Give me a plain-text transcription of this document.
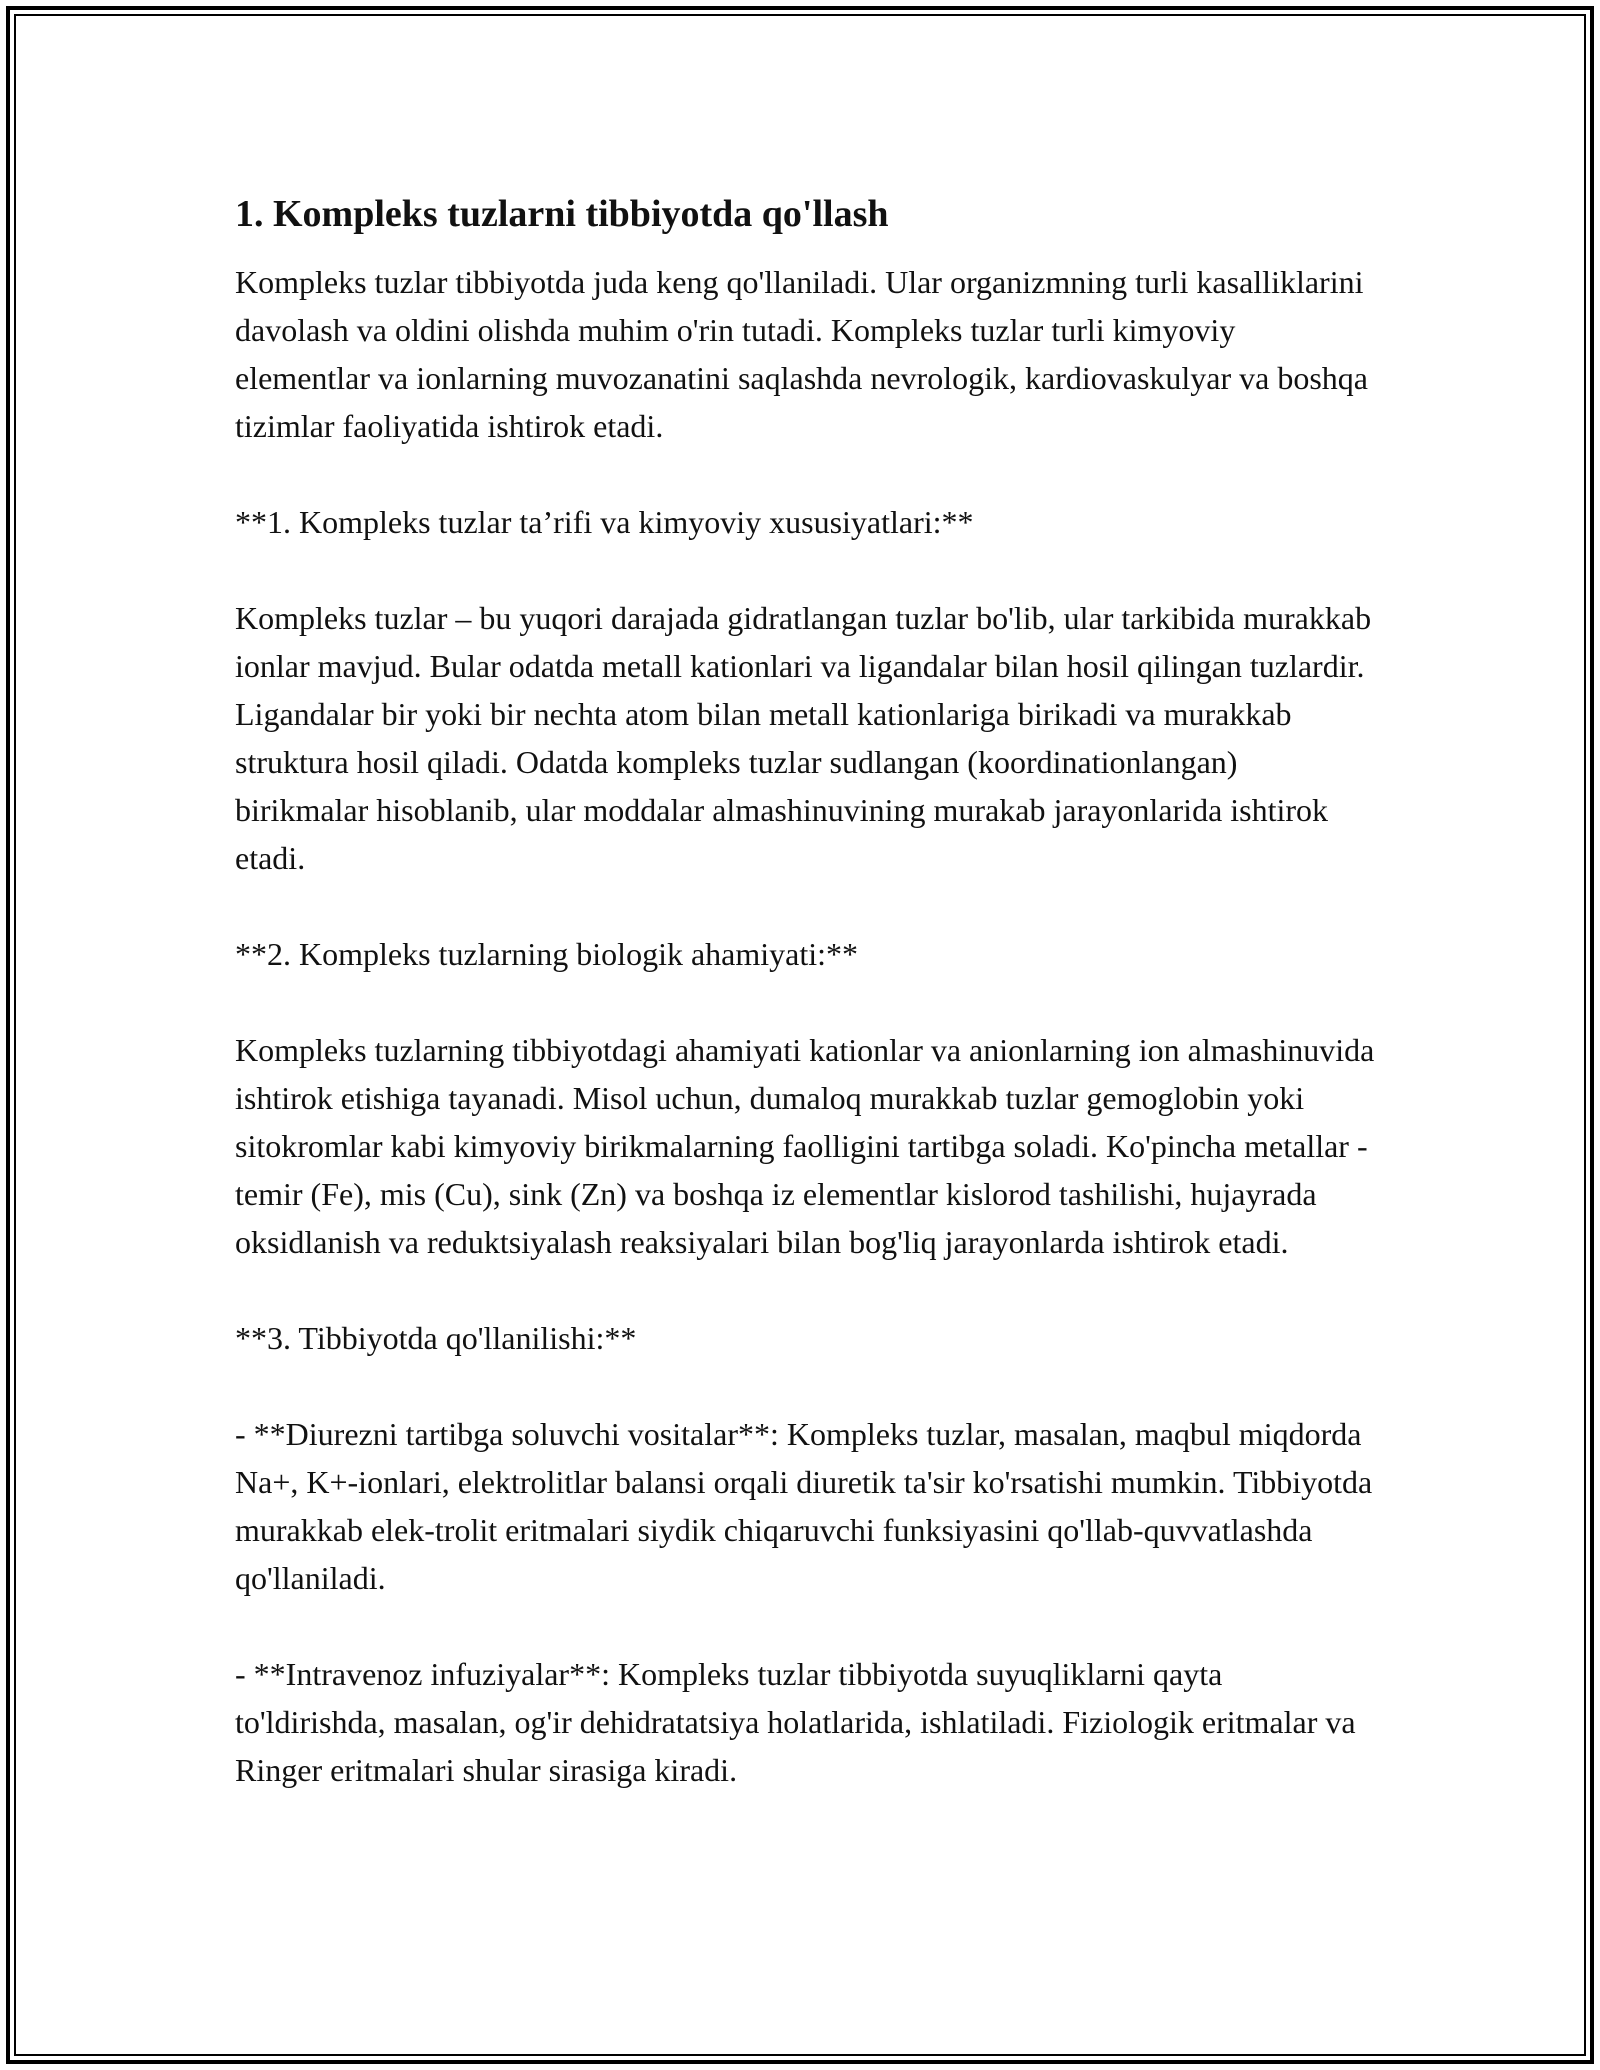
1. Kompleks tuzlarni tibbiyotda qo'llash

Kompleks tuzlar tibbiyotda juda keng qo'llaniladi. Ular organizmning turli kasalliklarini davolash va oldini olishda muhim o'rin tutadi. Kompleks tuzlar turli kimyoviy elementlar va ionlarning muvozanatini saqlashda nevrologik, kardiovaskulyar va boshqa tizimlar faoliyatida ishtirok etadi.

**1. Kompleks tuzlar ta’rifi va kimyoviy xususiyatlari:**

Kompleks tuzlar – bu yuqori darajada gidratlangan tuzlar bo'lib, ular tarkibida murakkab ionlar mavjud. Bular odatda metall kationlari va ligandalar bilan hosil qilingan tuzlardir. Ligandalar bir yoki bir nechta atom bilan metall kationlariga birikadi va murakkab struktura hosil qiladi. Odatda kompleks tuzlar sudlangan (koordinationlangan) birikmalar hisoblanib, ular moddalar almashinuvining murakab jarayonlarida ishtirok etadi.

**2. Kompleks tuzlarning biologik ahamiyati:**

Kompleks tuzlarning tibbiyotdagi ahamiyati kationlar va anionlarning ion almashinuvida ishtirok etishiga tayanadi. Misol uchun, dumaloq murakkab tuzlar gemoglobin yoki sitokromlar kabi kimyoviy birikmalarning faolligini tartibga soladi. Ko'pincha metallar - temir (Fe), mis (Cu), sink (Zn) va boshqa iz elementlar kislorod tashilishi, hujayrada oksidlanish va reduktsiyalash reaksiyalari bilan bog'liq jarayonlarda ishtirok etadi.

**3. Tibbiyotda qo'llanilishi:**

- **Diurezni tartibga soluvchi vositalar**: Kompleks tuzlar, masalan, maqbul miqdorda Na+, K+-ionlari, elektrolitlar balansi orqali diuretik ta'sir ko'rsatishi mumkin. Tibbiyotda murakkab elek-trolit eritmalari siydik chiqaruvchi funksiyasini qo'llab-quvvatlashda qo'llaniladi.

- **Intravenoz infuziyalar**: Kompleks tuzlar tibbiyotda suyuqliklarni qayta to'ldirishda, masalan, og'ir dehidratatsiya holatlarida, ishlatiladi. Fiziologik eritmalar va Ringer eritmalari shular sirasiga kiradi.
